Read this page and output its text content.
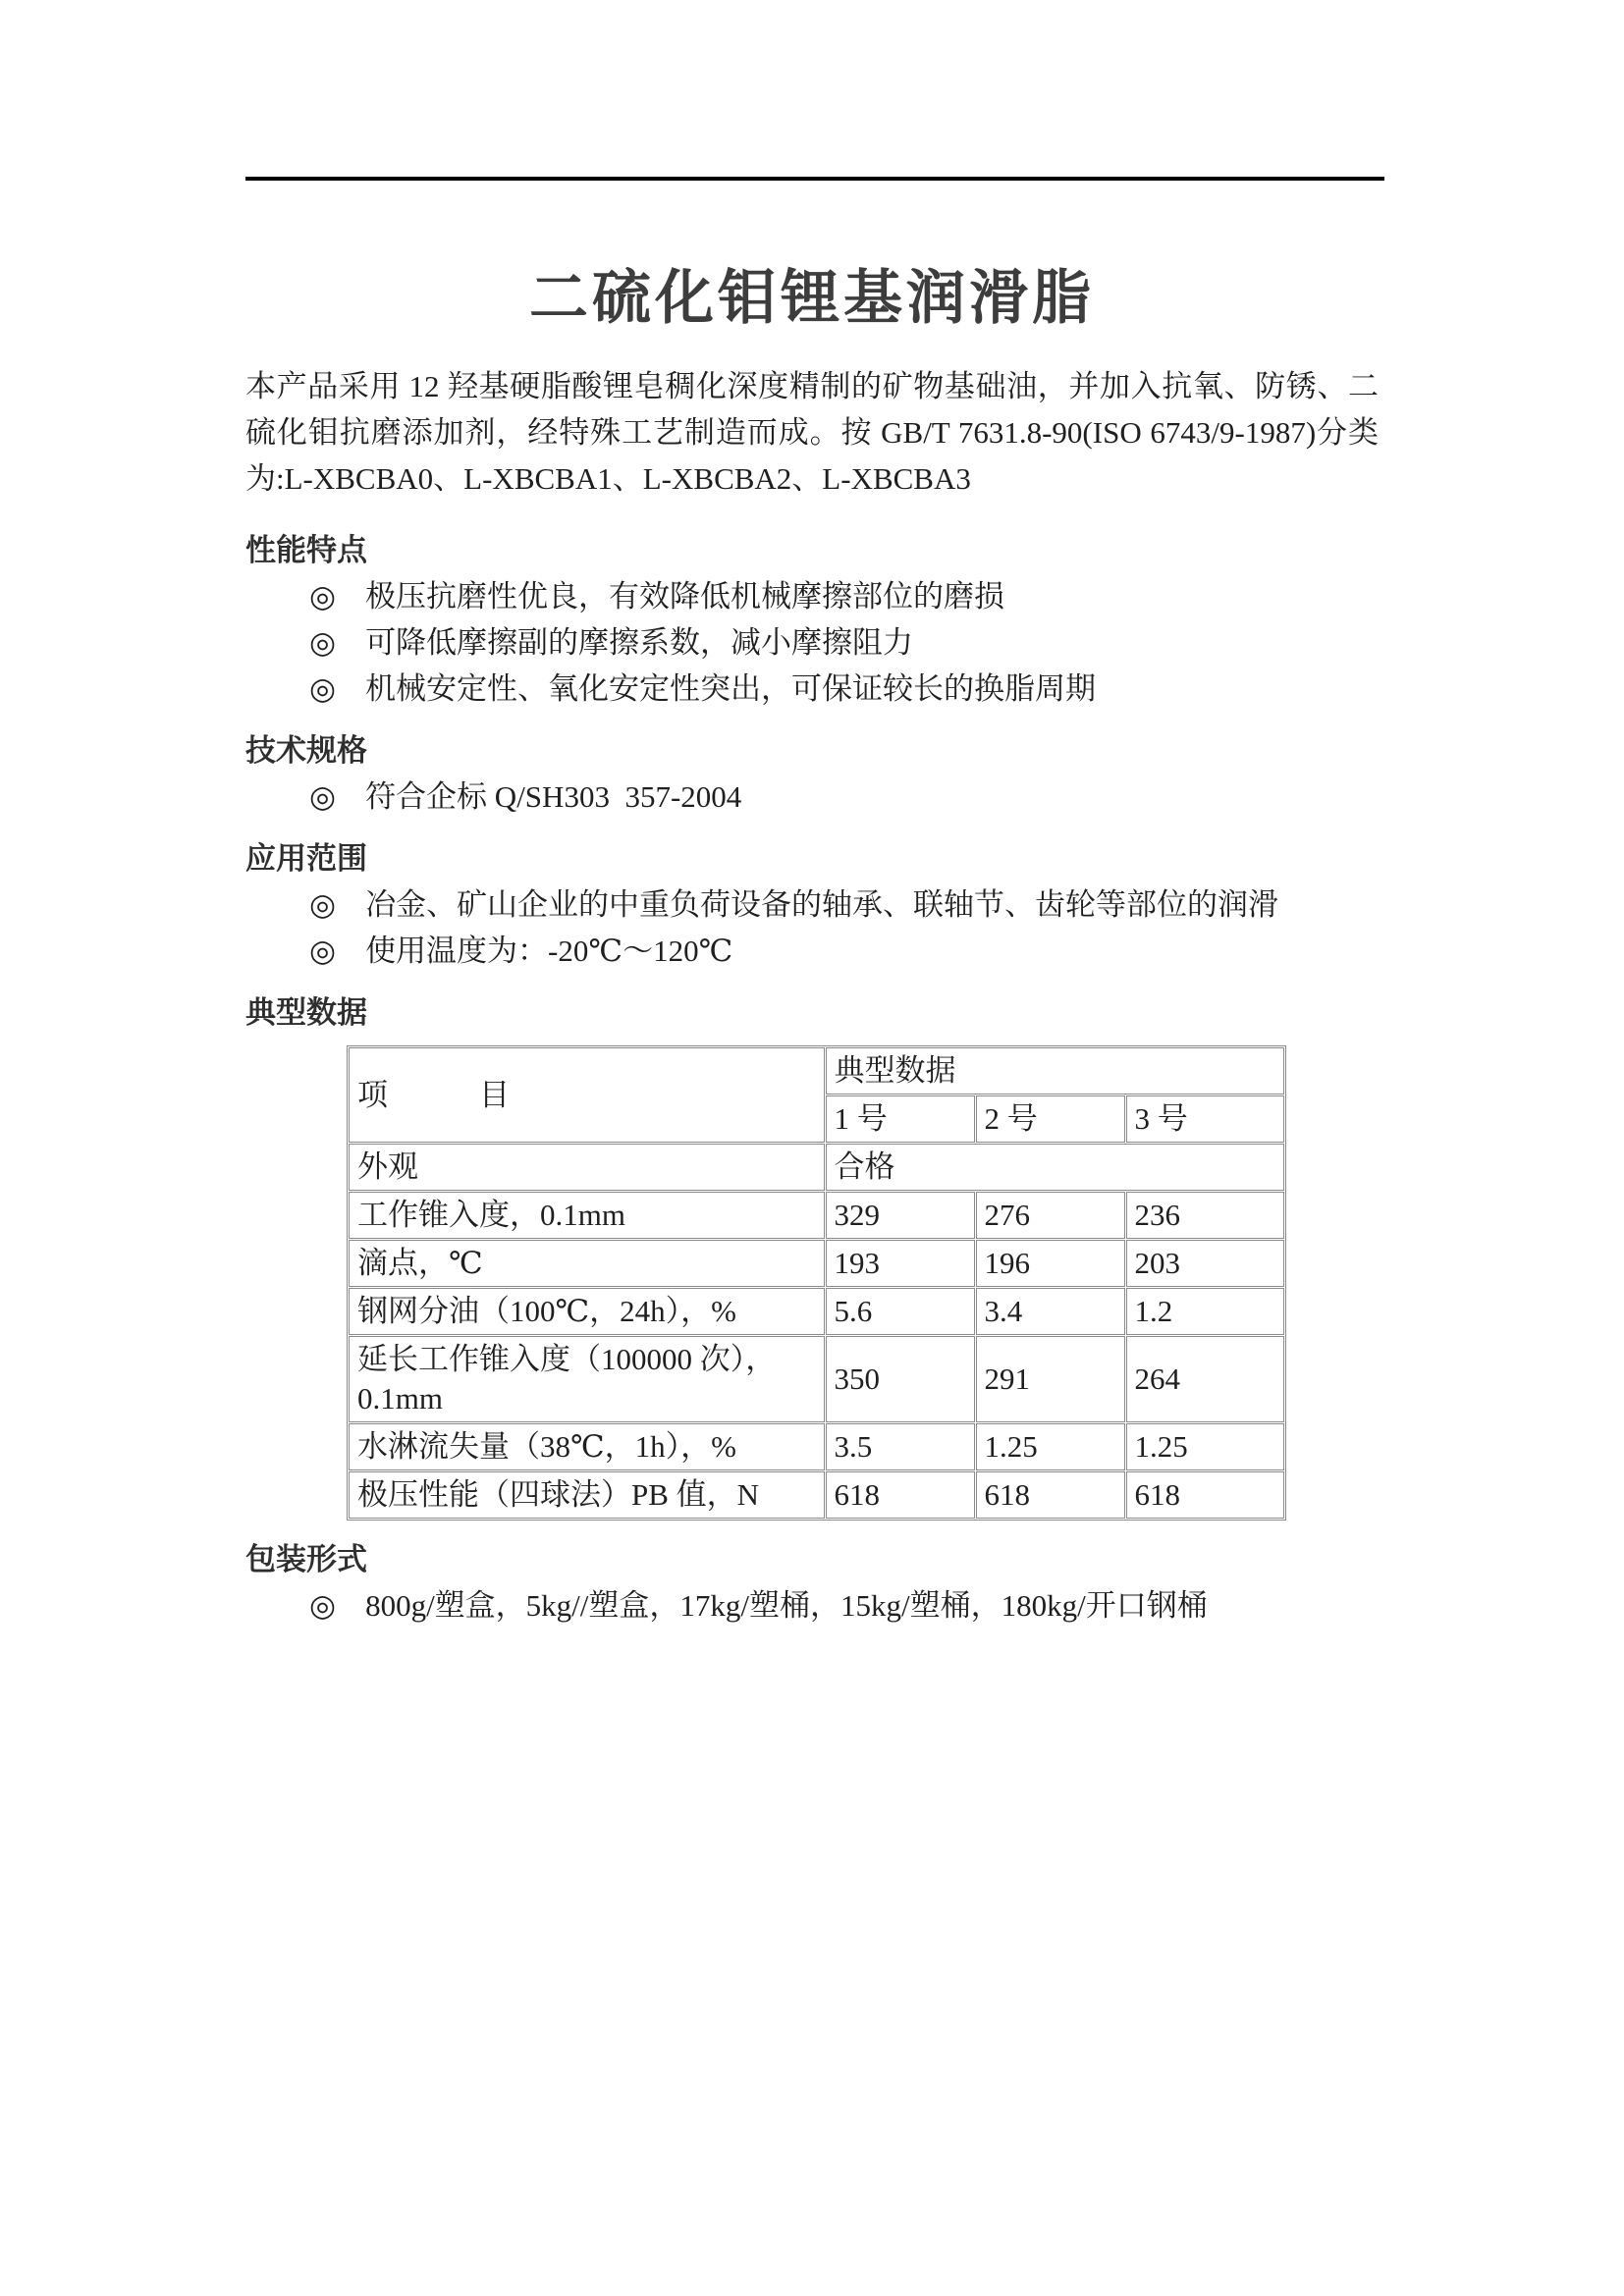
二硫化钼锂基润滑脂

本产品采用 12 羟基硬脂酸锂皂稠化深度精制的矿物基础油，并加入抗氧、防锈、二硫化钼抗磨添加剂，经特殊工艺制造而成。按 GB/T 7631.8-90(ISO 6743/9-1987)分类为:L-XBCBA0、L-XBCBA1、L-XBCBA2、L-XBCBA3

性能特点
◎ 极压抗磨性优良，有效降低机械摩擦部位的磨损
◎ 可降低摩擦副的摩擦系数，减小摩擦阻力
◎ 机械安定性、氧化安定性突出，可保证较长的换脂周期
技术规格
◎ 符合企标 Q/SH303  357-2004
应用范围
◎ 冶金、矿山企业的中重负荷设备的轴承、联轴节、齿轮等部位的润滑
◎ 使用温度为：-20℃～120℃
典型数据
项　　　目	典型数据		
	1 号	2 号	3 号
外观	合格		
工作锥入度，0.1mm	329	276	236
滴点，℃	193	196	203
钢网分油（100℃，24h），%	5.6	3.4	1.2
延长工作锥入度（100000 次），0.1mm	350	291	264
水淋流失量（38℃，1h），%	3.5	1.25	1.25
极压性能（四球法）PB 值，N	618	618	618
包装形式
◎ 800g/塑盒，5kg//塑盒，17kg/塑桶，15kg/塑桶，180kg/开口钢桶
